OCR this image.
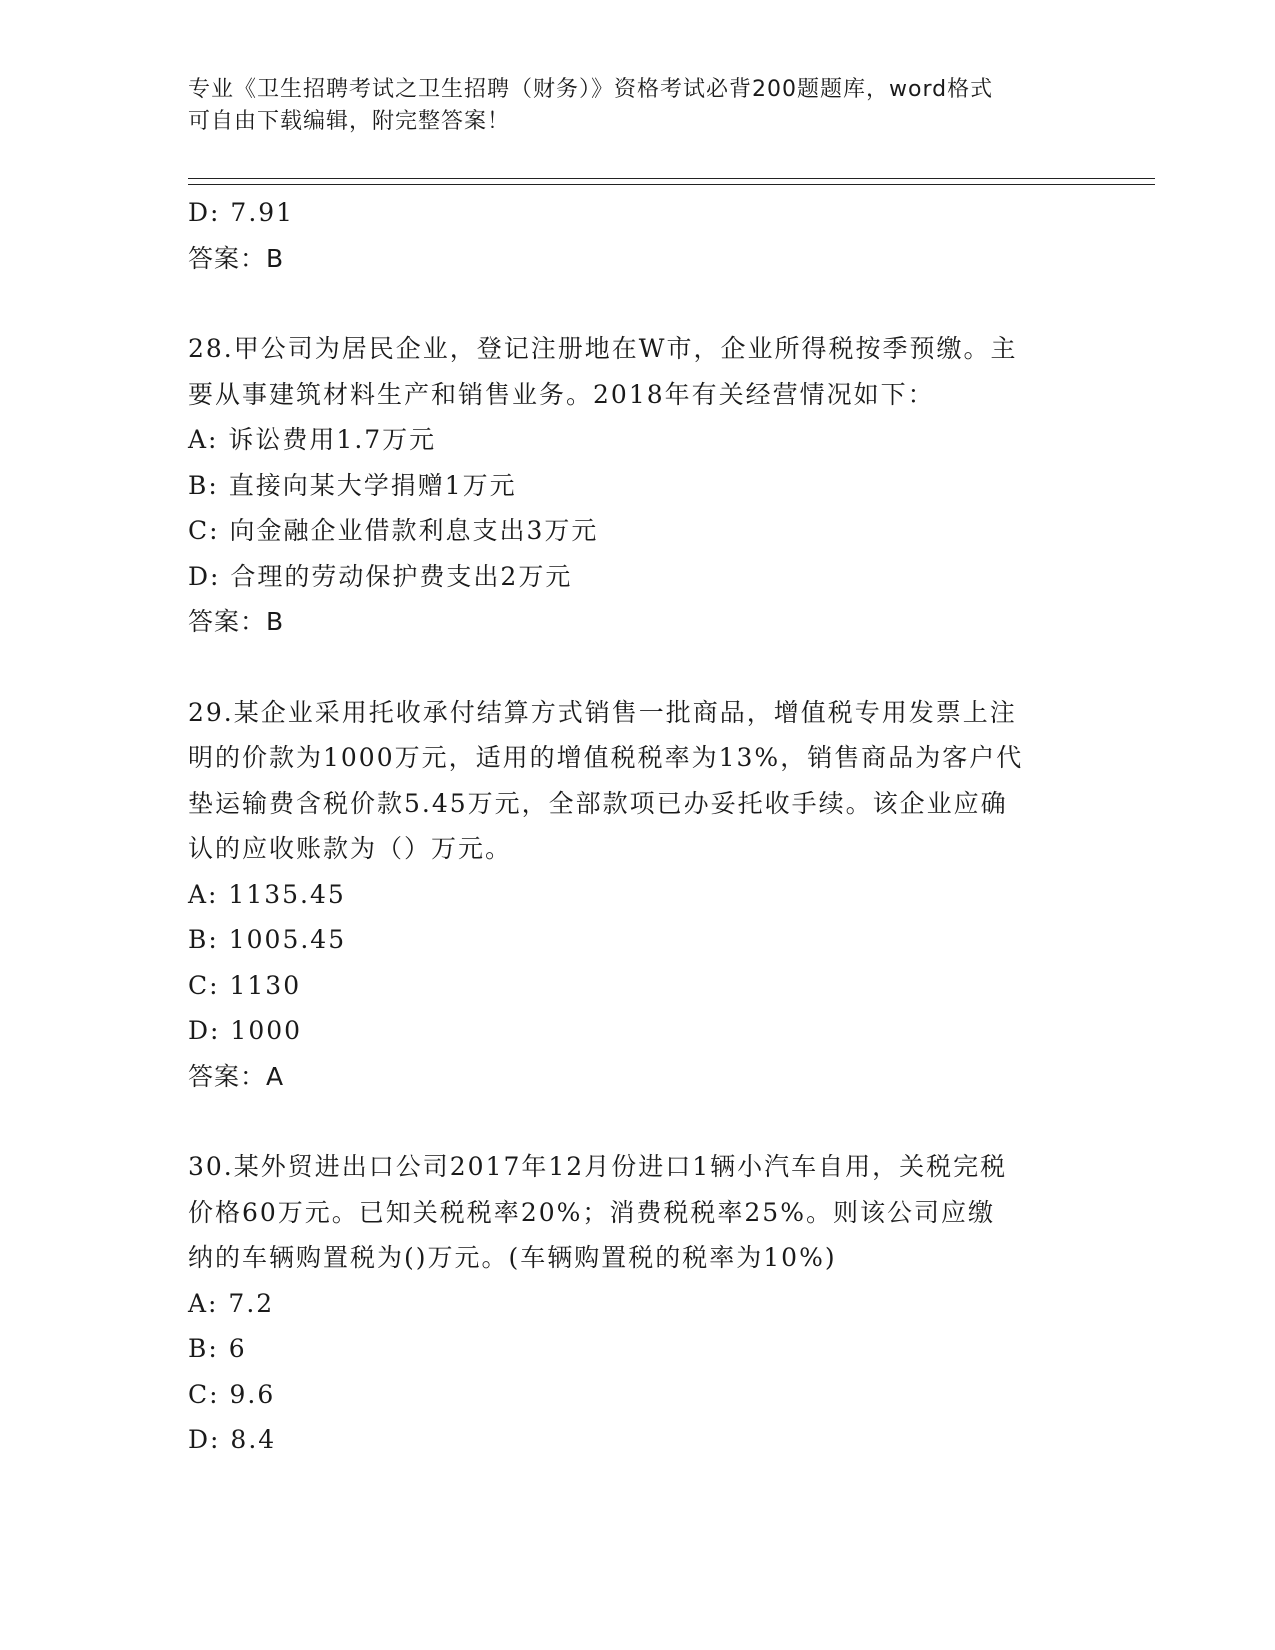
专业《卫生招聘考试之卫生招聘（财务）》资格考试必背200题题库，word格式
可自由下载编辑，附完整答案！
D: 7.91
答案：B
28.甲公司为居民企业，登记注册地在W市，企业所得税按季预缴。主
要从事建筑材料生产和销售业务。2018年有关经营情况如下：
A: 诉讼费用1.7万元
B: 直接向某大学捐赠1万元
C: 向金融企业借款利息支出3万元
D: 合理的劳动保护费支出2万元
答案：B
29.某企业采用托收承付结算方式销售一批商品，增值税专用发票上注
明的价款为1000万元，适用的增值税税率为13%，销售商品为客户代
垫运输费含税价款5.45万元，全部款项已办妥托收手续。该企业应确
认的应收账款为（）万元。
A: 1135.45
B: 1005.45
C: 1130
D: 1000
答案：A
30.某外贸进出口公司2017年12月份进口1辆小汽车自用，关税完税
价格60万元。已知关税税率20%；消费税税率25%。则该公司应缴
纳的车辆购置税为()万元。(车辆购置税的税率为10%)
A: 7.2
B: 6
C: 9.6
D: 8.4
